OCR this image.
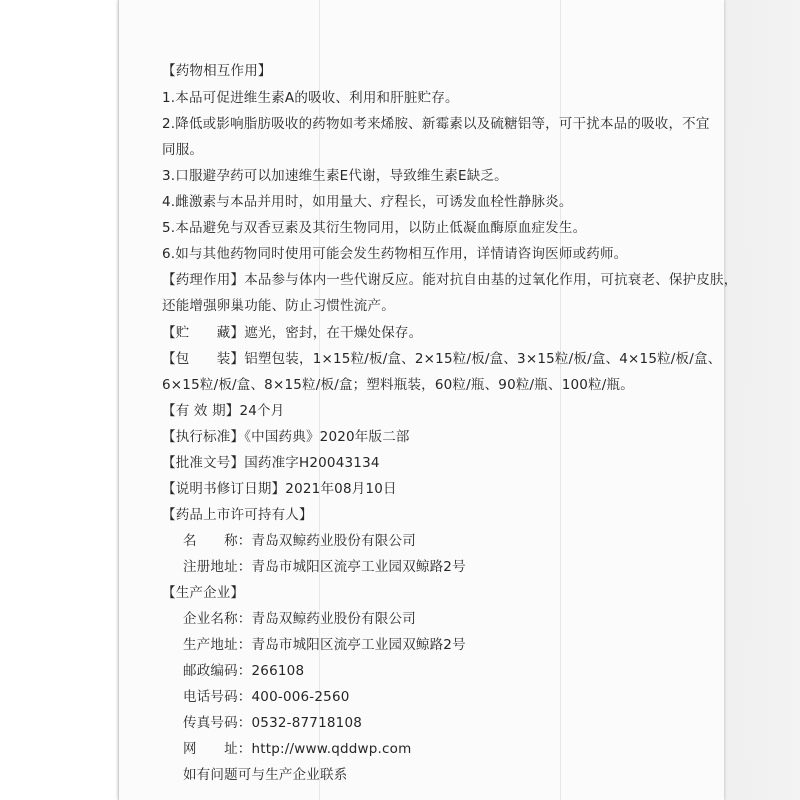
【药物相互作用】
1.本品可促进维生素A的吸收、利用和肝脏贮存。
2.降低或影响脂肪吸收的药物如考来烯胺、新霉素以及硫糖铝等，可干扰本品的吸收，不宜
同服。
3.口服避孕药可以加速维生素E代谢，导致维生素E缺乏。
4.雌激素与本品并用时，如用量大、疗程长，可诱发血栓性静脉炎。
5.本品避免与双香豆素及其衍生物同用，以防止低凝血酶原血症发生。
6.如与其他药物同时使用可能会发生药物相互作用，详情请咨询医师或药师。
【药理作用】本品参与体内一些代谢反应。能对抗自由基的过氧化作用，可抗衰老、保护皮肤，
还能增强卵巢功能、防止习惯性流产。
【贮　　藏】遮光，密封，在干燥处保存。
【包　　装】铝塑包装，1×15粒/板/盒、2×15粒/板/盒、3×15粒/板/盒、4×15粒/板/盒、
6×15粒/板/盒、8×15粒/板/盒；塑料瓶装，60粒/瓶、90粒/瓶、100粒/瓶。
【有 效 期】24个月
【执行标准】《中国药典》2020年版二部
【批准文号】国药准字H20043134
【说明书修订日期】2021年08月10日
【药品上市许可持有人】
名　　称：青岛双鲸药业股份有限公司
注册地址：青岛市城阳区流亭工业园双鲸路2号
【生产企业】
企业名称：青岛双鲸药业股份有限公司
生产地址：青岛市城阳区流亭工业园双鲸路2号
邮政编码：266108
电话号码：400-006-2560
传真号码：0532-87718108
网　　址：http://www.qddwp.com
如有问题可与生产企业联系
